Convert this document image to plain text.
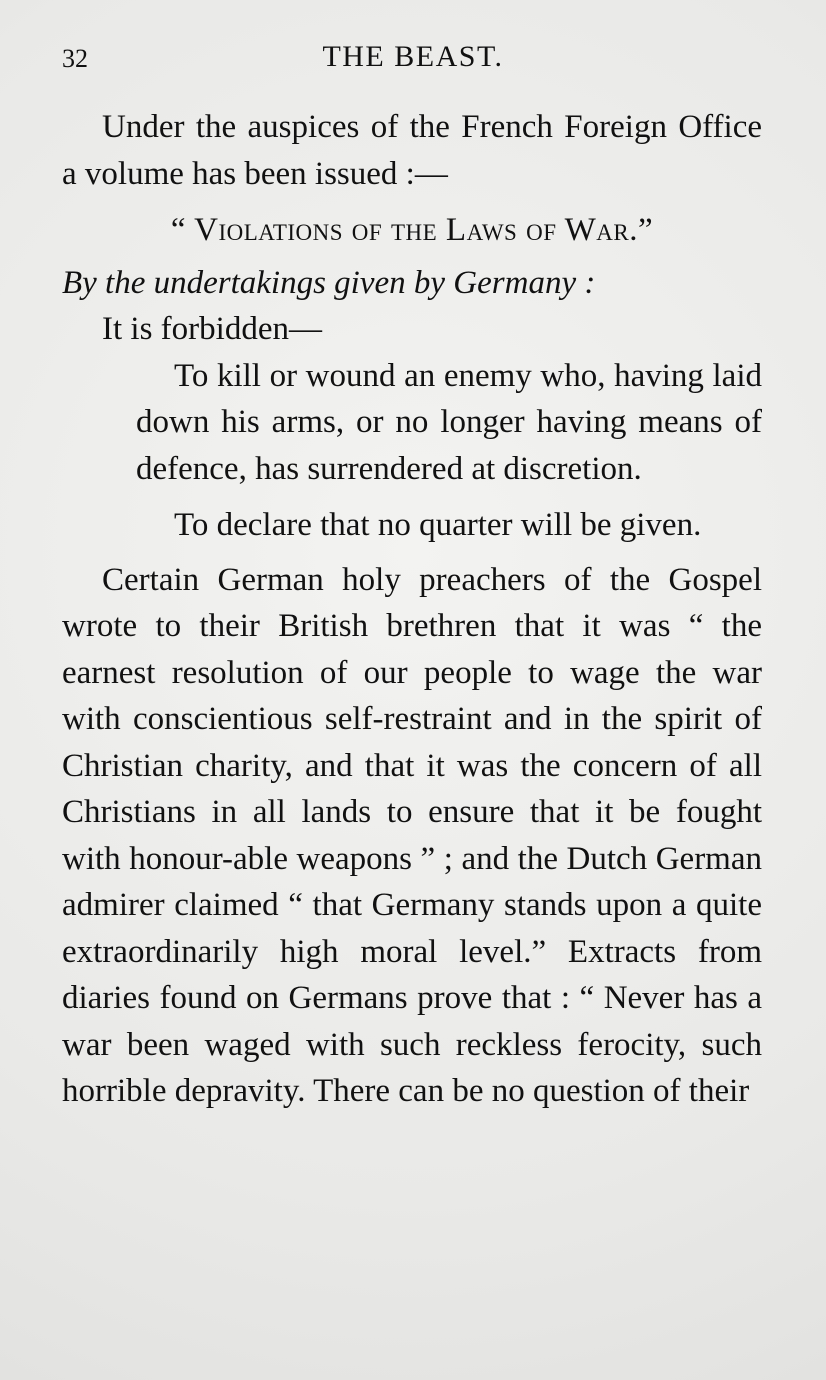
32	THE BEAST.

Under the auspices of the French Foreign Office a volume has been issued :—

“ Violations of the Laws of War.”

By the undertakings given by Germany :

It is forbidden—

To kill or wound an enemy who, having laid down his arms, or no longer having means of defence, has surrendered at discretion.

To declare that no quarter will be given.

Certain German holy preachers of the Gospel wrote to their British brethren that it was “ the earnest resolution of our people to wage the war with conscientious self-restraint and in the spirit of Christian charity, and that it was the concern of all Christians in all lands to ensure that it be fought with honour-able weapons ” ; and the Dutch German admirer claimed “ that Germany stands upon a quite extraordinarily high moral level.” Extracts from diaries found on Germans prove that : “ Never has a war been waged with such reckless ferocity, such horrible depravity. There can be no question of their
